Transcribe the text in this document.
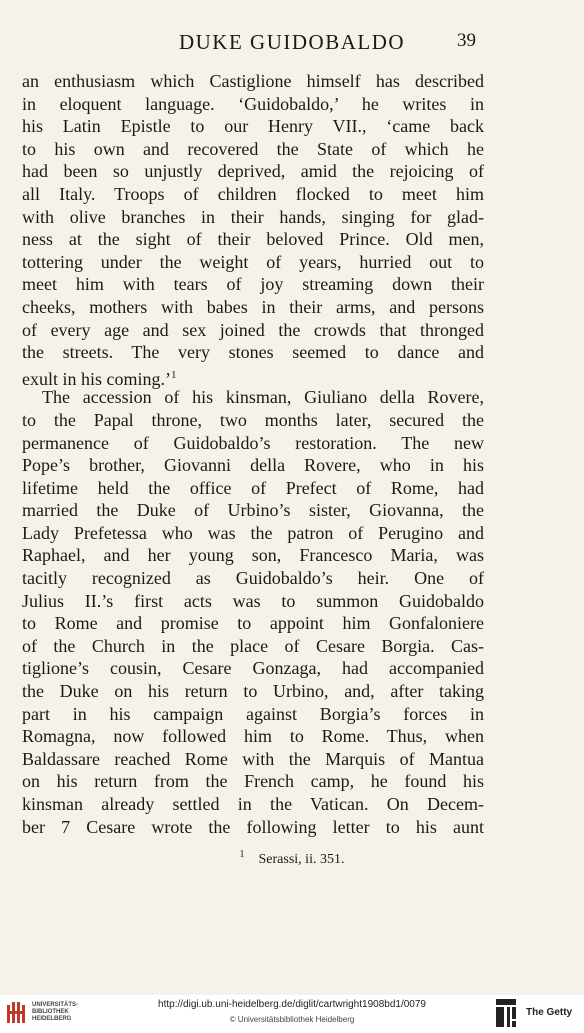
DUKE GUIDOBALDO	39
an enthusiasm which Castiglione himself has described
in eloquent language. ‘Guidobaldo,’ he writes in
his Latin Epistle to our Henry VII., ‘came back
to his own and recovered the State of which he
had been so unjustly deprived, amid the rejoicing of
all Italy. Troops of children flocked to meet him
with olive branches in their hands, singing for glad-
ness at the sight of their beloved Prince. Old men,
tottering under the weight of years, hurried out to
meet him with tears of joy streaming down their
cheeks, mothers with babes in their arms, and persons
of every age and sex joined the crowds that thronged
the streets. The very stones seemed to dance and
exult in his coming.’$^1$
The accession of his kinsman, Giuliano della Rovere,
to the Papal throne, two months later, secured the
permanence of Guidobaldo’s restoration. The new
Pope’s brother, Giovanni della Rovere, who in his
lifetime held the office of Prefect of Rome, had
married the Duke of Urbino’s sister, Giovanna, the
Lady Prefetessa who was the patron of Perugino and
Raphael, and her young son, Francesco Maria, was
tacitly recognized as Guidobaldo’s heir. One of
Julius II.’s first acts was to summon Guidobaldo
to Rome and promise to appoint him Gonfaloniere
of the Church in the place of Cesare Borgia. Cas-
tiglione’s cousin, Cesare Gonzaga, had accompanied
the Duke on his return to Urbino, and, after taking
part in his campaign against Borgia’s forces in
Romagna, now followed him to Rome. Thus, when
Baldassare reached Rome with the Marquis of Mantua
on his return from the French camp, he found his
kinsman already settled in the Vatican. On Decem-
ber 7 Cesare wrote the following letter to his aunt
$^1$ Serassi, ii. 351.
UNIVERSITÄTS-
BIBLIOTHEK
HEIDELBERG
http://digi.ub.uni-heidelberg.de/diglit/cartwright1908bd1/0079
© Universitätsbibliothek Heidelberg
The Getty
